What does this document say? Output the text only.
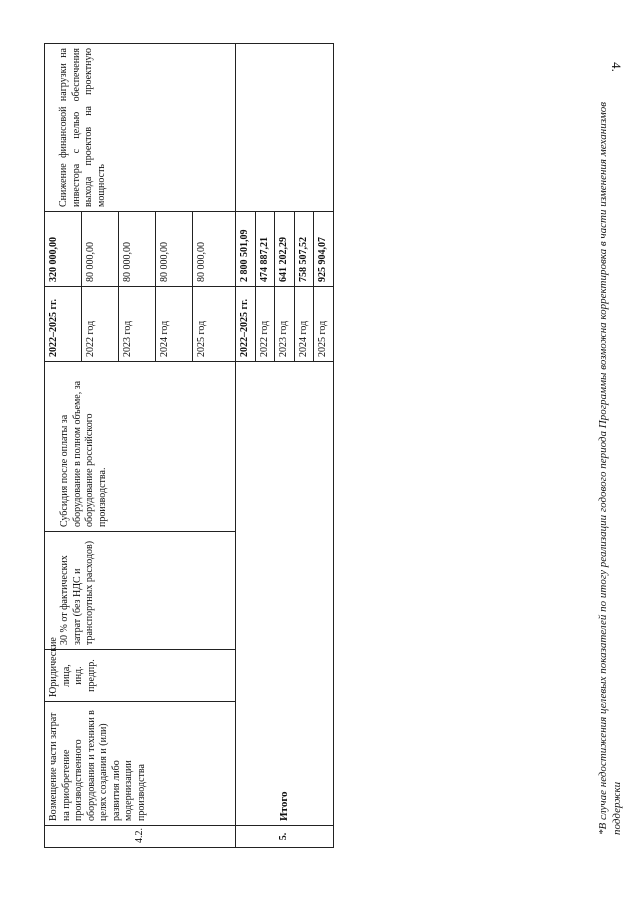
4.
4.2.	Возмещение части затрат на приобретение производственного оборудования и техники в целях создания и (или) развития либо модернизации производства	Юридические лица, инд. предпр.	30 % от фактических затрат (без НДС и транспортных расходов)	Субсидия после оплаты за оборудование в полном объеме, за оборудование российского производства.	2022–2025 гг.	320 000,00	Снижение финансовой нагрузки на инвестора с целью обеспечения выхода проектов на проектную мощность
					2022 год	80 000,00	
					2023 год	80 000,00	
					2024 год	80 000,00	
					2025 год	80 000,00	
5.	Итого				2022–2025 гг.	2 800 501,09	
					2022 год	474 887,21	
					2023 год	641 202,29	
					2024 год	758 507,52	
					2025 год	925 904,07		*В случае недостижения целевых показателей по итогу реализации годового периода Программы возможна корректировка в части изменения механизмов поддержки
